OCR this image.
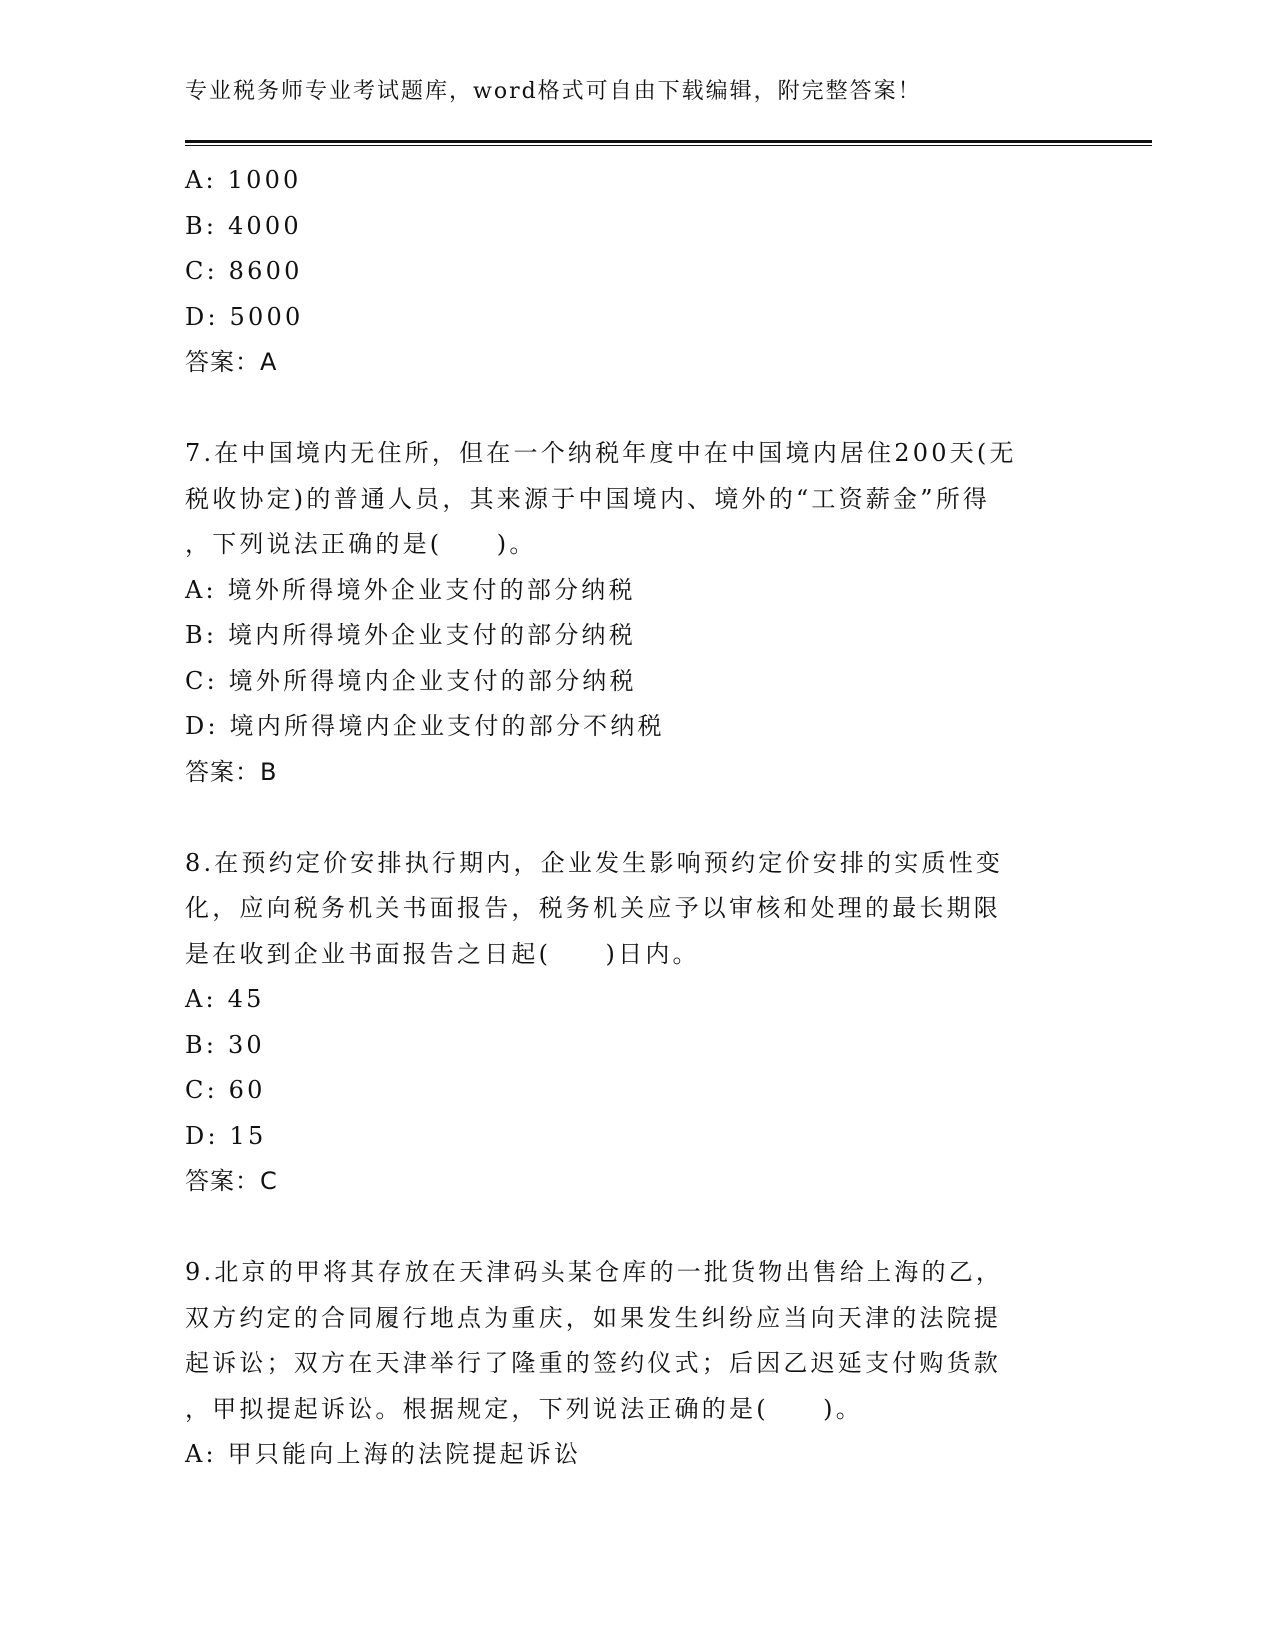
专业税务师专业考试题库，word格式可自由下载编辑，附完整答案！
A: 1000
B: 4000
C: 8600
D: 5000
答案：A
7.在中国境内无住所，但在一个纳税年度中在中国境内居住200天(无
税收协定)的普通人员，其来源于中国境内、境外的“工资薪金”所得
，下列说法正确的是(　　)。
A: 境外所得境外企业支付的部分纳税
B: 境内所得境外企业支付的部分纳税
C: 境外所得境内企业支付的部分纳税
D: 境内所得境内企业支付的部分不纳税
答案：B
8.在预约定价安排执行期内，企业发生影响预约定价安排的实质性变
化，应向税务机关书面报告，税务机关应予以审核和处理的最长期限
是在收到企业书面报告之日起(　　)日内。
A: 45
B: 30
C: 60
D: 15
答案：C
9.北京的甲将其存放在天津码头某仓库的一批货物出售给上海的乙，
双方约定的合同履行地点为重庆，如果发生纠纷应当向天津的法院提
起诉讼；双方在天津举行了隆重的签约仪式；后因乙迟延支付购货款
，甲拟提起诉讼。根据规定，下列说法正确的是(　　)。
A: 甲只能向上海的法院提起诉讼
